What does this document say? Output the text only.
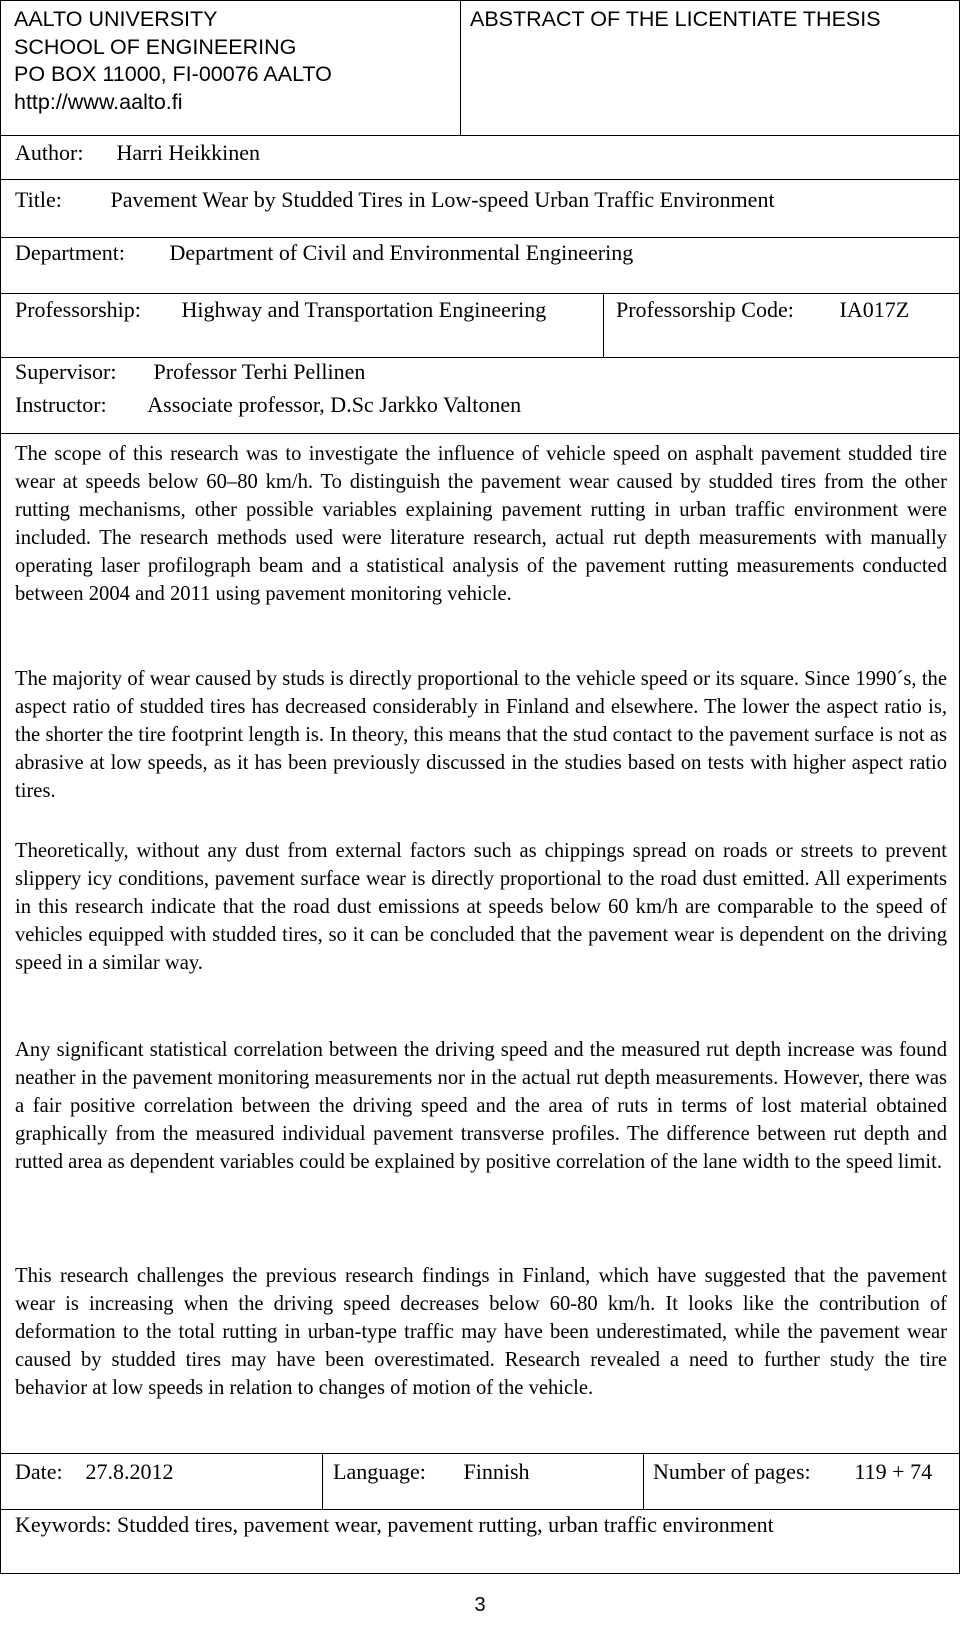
AALTO UNIVERSITY
SCHOOL OF ENGINEERING
PO BOX 11000, FI-00076 AALTO
http://www.aalto.fi
ABSTRACT OF THE LICENTIATE THESIS
Author: Harri Heikkinen
Title: Pavement Wear by Studded Tires in Low-speed Urban Traffic Environment
Department: Department of Civil and Environmental Engineering
Professorship: Highway and Transportation Engineering	Professorship Code: IA017Z
Supervisor: Professor Terhi Pellinen
Instructor: Associate professor, D.Sc Jarkko Valtonen

The scope of this research was to investigate the influence of vehicle speed on asphalt pavement studded tire wear at speeds below 60–80 km/h. To distinguish the pavement wear caused by studded tires from the other rutting mechanisms, other possible variables explaining pavement rutting in urban traffic environment were included. The research methods used were literature research, actual rut depth measurements with manually operating laser profilograph beam and a statistical analysis of the pavement rutting measurements conducted between 2004 and 2011 using pavement monitoring vehicle.

The majority of wear caused by studs is directly proportional to the vehicle speed or its square. Since 1990´s, the aspect ratio of studded tires has decreased considerably in Finland and elsewhere. The lower the aspect ratio is, the shorter the tire footprint length is. In theory, this means that the stud contact to the pavement surface is not as abrasive at low speeds, as it has been previously discussed in the studies based on tests with higher aspect ratio tires.

Theoretically, without any dust from external factors such as chippings spread on roads or streets to prevent slippery icy conditions, pavement surface wear is directly proportional to the road dust emitted. All experiments in this research indicate that the road dust emissions at speeds below 60 km/h are comparable to the speed of vehicles equipped with studded tires, so it can be concluded that the pavement wear is dependent on the driving speed in a similar way.

Any significant statistical correlation between the driving speed and the measured rut depth increase was found neather in the pavement monitoring measurements nor in the actual rut depth measurements. However, there was a fair positive correlation between the driving speed and the area of ruts in terms of lost material obtained graphically from the measured individual pavement transverse profiles. The difference between rut depth and rutted area as dependent variables could be explained by positive correlation of the lane width to the speed limit.

This research challenges the previous research findings in Finland, which have suggested that the pavement wear is increasing when the driving speed decreases below 60-80 km/h. It looks like the contribution of deformation to the total rutting in urban-type traffic may have been underestimated, while the pavement wear caused by studded tires may have been overestimated. Research revealed a need to further study the tire behavior at low speeds in relation to changes of motion of the vehicle.

Date: 27.8.2012	Language: Finnish	Number of pages: 119 + 74
Keywords: Studded tires, pavement wear, pavement rutting, urban traffic environment
3
